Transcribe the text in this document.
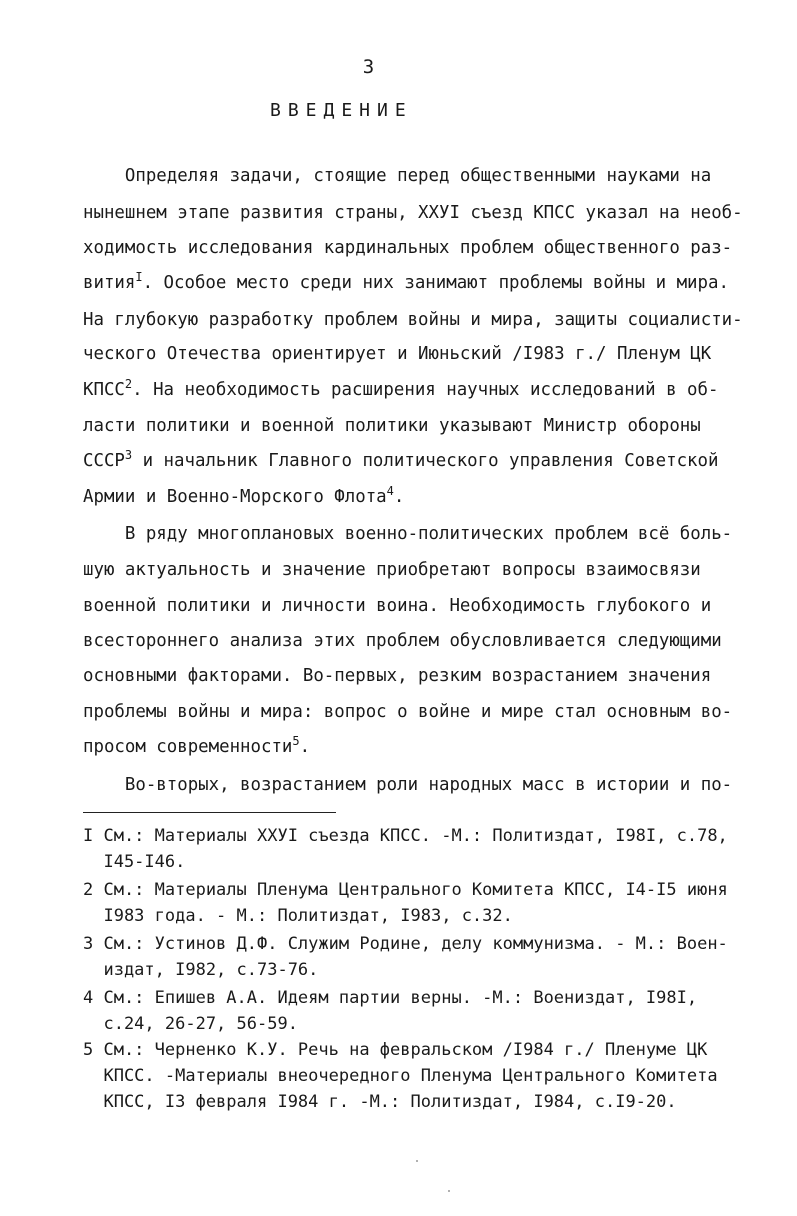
3
ВВЕДЕНИЕ
Определяя задачи, стоящие перед общественными науками на
нынешнем этапе развития страны, ХХУI съезд КПСС указал на необ-
ходимость исследования кардинальных проблем общественного раз-
вития$^I$. Особое место среди них занимают проблемы войны и мира.
На глубокую разработку проблем войны и мира, защиты социалисти-
ческого Отечества ориентирует и Июньский /I983 г./ Пленум ЦК
КПСС$^2$. На необходимость расширения научных исследований в об-
ласти политики и военной политики указывают Министр обороны
СССР$^3$ и начальник Главного политического управления Советской
Армии и Военно-Морского Флота$^4$.
В ряду многоплановых военно-политических проблем всё боль-
шую актуальность и значение приобретают вопросы взаимосвязи
военной политики и личности воина. Необходимость глубокого и
всестороннего анализа этих проблем обусловливается следующими
основными факторами. Во-первых, резким возрастанием значения
проблемы войны и мира: вопрос о войне и мире стал основным во-
просом современности$^5$.
Во-вторых, возрастанием роли народных масс в истории и по-
I См.: Материалы ХХУI съезда КПСС. -М.: Политиздат, I98I, с.78,
I45-I46.
2 См.: Материалы Пленума Центрального Комитета КПСС, I4-I5 июня
I983 года. - М.: Политиздат, I983, с.32.
3 См.: Устинов Д.Ф. Служим Родине, делу коммунизма. - М.: Воен-
издат, I982, с.73-76.
4 См.: Епишев А.А. Идеям партии верны. -М.: Воениздат, I98I,
с.24, 26-27, 56-59.
5 См.: Черненко К.У. Речь на февральском /I984 г./ Пленуме ЦК
КПСС. -Материалы внеочередного Пленума Центрального Комитета
КПСС, I3 февраля I984 г. -М.: Политиздат, I984, с.I9-20.
